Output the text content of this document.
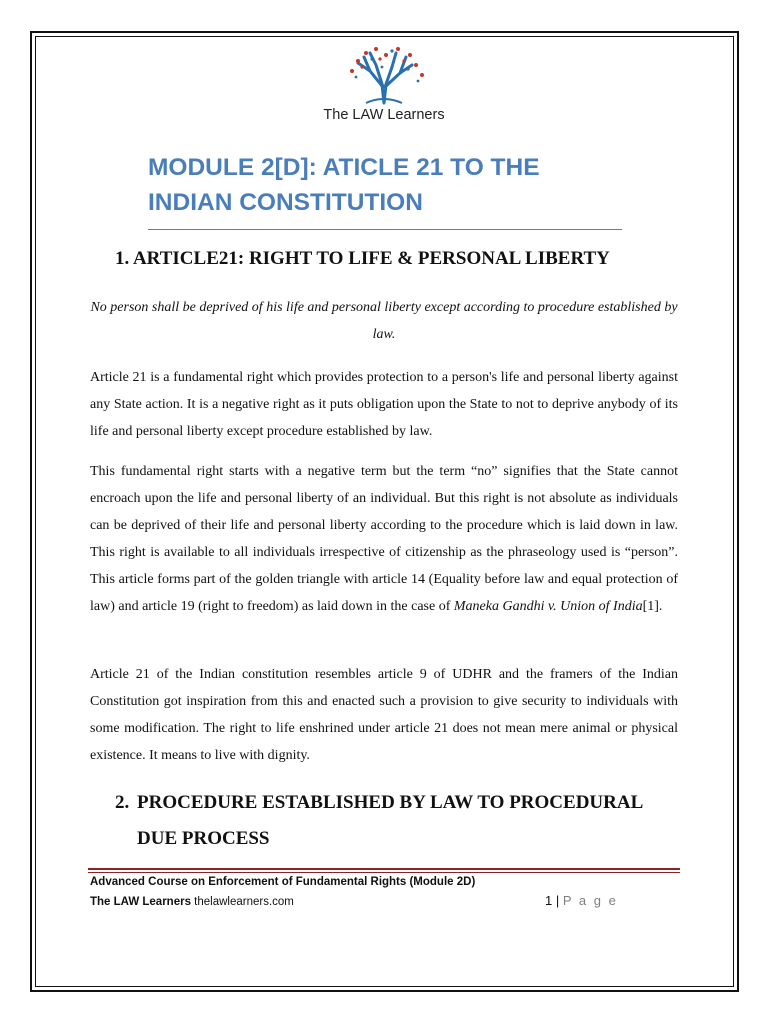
The LAW Learners
MODULE 2[D]: ATICLE 21 TO THE INDIAN CONSTITUTION
1. ARTICLE21: RIGHT TO LIFE & PERSONAL LIBERTY

No person shall be deprived of his life and personal liberty except according to procedure established by law.

Article 21 is a fundamental right which provides protection to a person's life and personal liberty against any State action. It is a negative right as it puts obligation upon the State to not to deprive anybody of its life and personal liberty except procedure established by law.

This fundamental right starts with a negative term but the term “no” signifies that the State cannot encroach upon the life and personal liberty of an individual. But this right is not absolute as individuals can be deprived of their life and personal liberty according to the procedure which is laid down in law. This right is available to all individuals irrespective of citizenship as the phraseology used is “person”. This article forms part of the golden triangle with article 14 (Equality before law and equal protection of law) and article 19 (right to freedom) as laid down in the case of Maneka Gandhi v. Union of India[1].

Article 21 of the Indian constitution resembles article 9 of UDHR and the framers of the Indian Constitution got inspiration from this and enacted such a provision to give security to individuals with some modification. The right to life enshrined under article 21 does not mean mere animal or physical existence. It means to live with dignity.

2. PROCEDURE ESTABLISHED BY LAW TO PROCEDURAL
DUE PROCESS
Advanced Course on Enforcement of Fundamental Rights (Module 2D)
The LAW Learners thelawlearners.com	1 | P a g e
